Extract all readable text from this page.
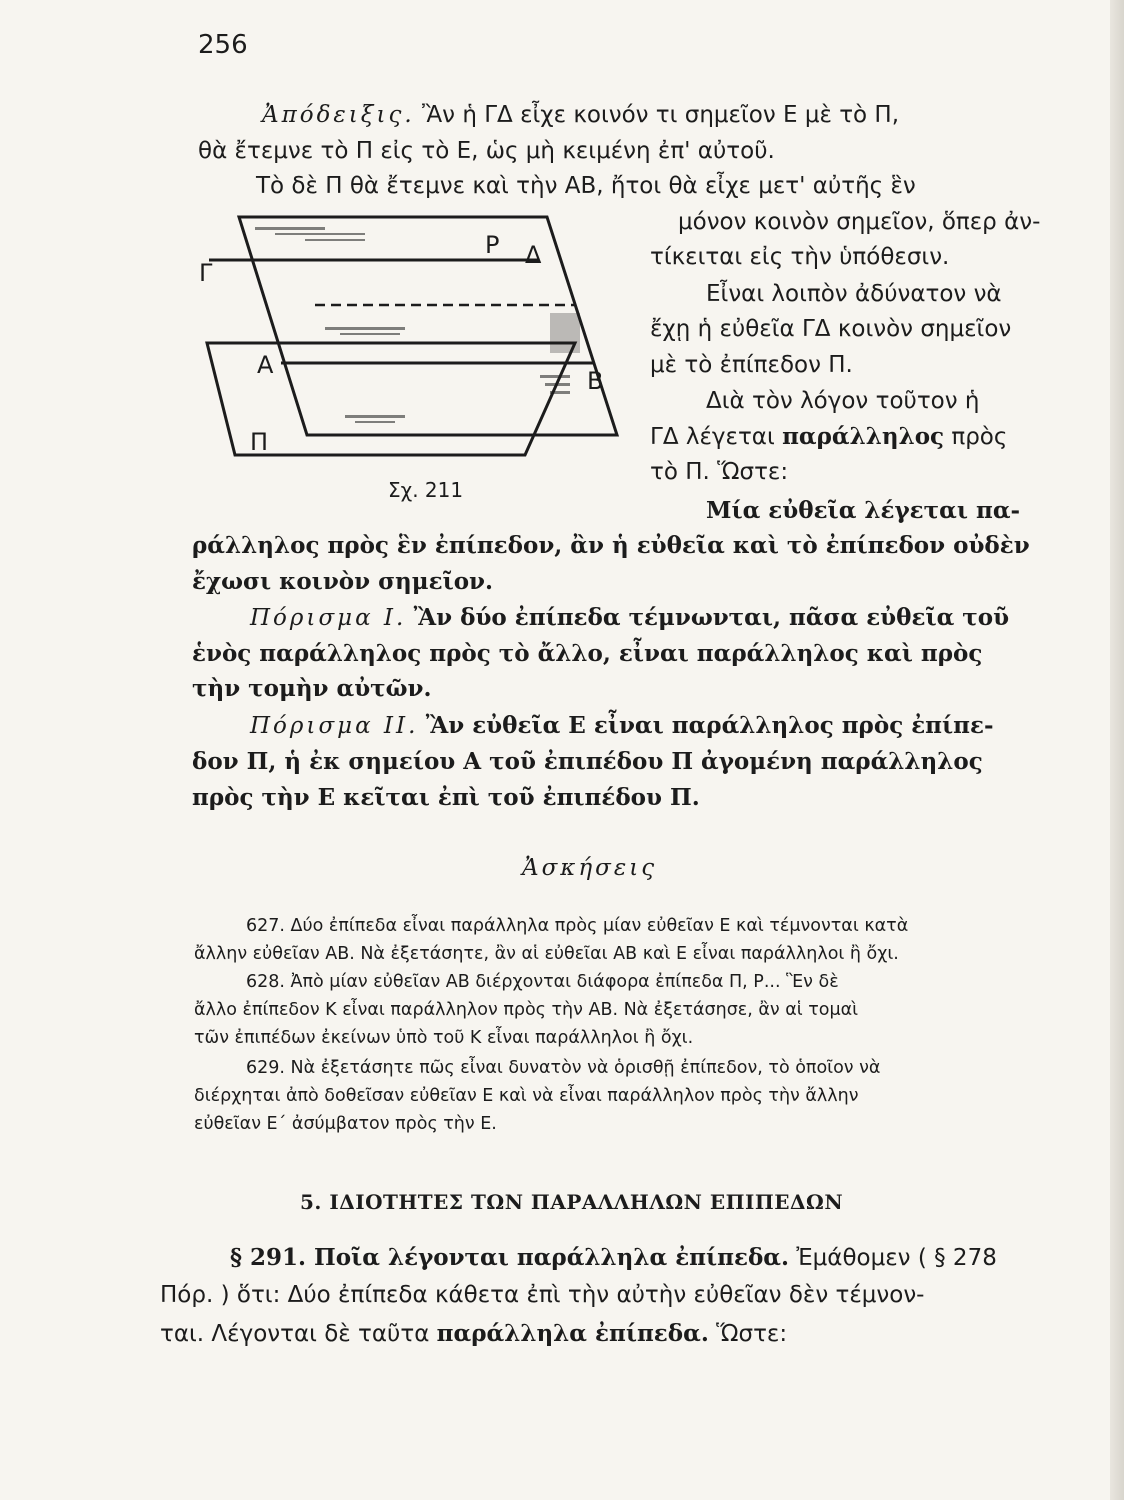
256
Ἀπόδειξις. Ἂν ἡ ΓΔ εἶχε κοινόν τι σημεῖον Ε μὲ τὸ Π,
θὰ ἔτεμνε τὸ Π εἰς τὸ Ε, ὡς μὴ κειμένη ἐπ' αὐτοῦ.
Τὸ δὲ Π θὰ ἔτεμνε καὶ τὴν ΑΒ, ἤτοι θὰ εἶχε μετ' αὐτῆς ἓν
μόνον κοινὸν σημεῖον, ὅπερ ἀν-
τίκειται εἰς τὴν ὑπόθεσιν.
Εἶναι λοιπὸν ἀδύνατον νὰ
ἔχῃ ἡ εὐθεῖα ΓΔ κοινὸν σημεῖον
μὲ τὸ ἐπίπεδον Π.
Διὰ τὸν λόγον τοῦτον ἡ
ΓΔ λέγεται παράλληλος πρὸς
τὸ Π. Ὥστε:
Γ
Ρ Δ
Α
Β
Π
Σχ. 211
Μία εὐθεῖα λέγεται πα-
ράλληλος πρὸς ἓν ἐπίπεδον, ἂν ἡ εὐθεῖα καὶ τὸ ἐπίπεδον οὐδὲν
ἔχωσι κοινὸν σημεῖον.
Πόρισμα Ι. Ἂν δύο ἐπίπεδα τέμνωνται, πᾶσα εὐθεῖα τοῦ
ἑνὸς παράλληλος πρὸς τὸ ἄλλο, εἶναι παράλληλος καὶ πρὸς
τὴν τομὴν αὐτῶν.
Πόρισμα ΙΙ. Ἂν εὐθεῖα Ε εἶναι παράλληλος πρὸς ἐπίπε-
δον Π, ἡ ἐκ σημείου Α τοῦ ἐπιπέδου Π ἀγομένη παράλληλος
πρὸς τὴν Ε κεῖται ἐπὶ τοῦ ἐπιπέδου Π.
Ἀσκήσεις
627. Δύο ἐπίπεδα εἶναι παράλληλα πρὸς μίαν εὐθεῖαν Ε καὶ τέμνονται κατὰ
ἄλλην εὐθεῖαν ΑΒ. Νὰ ἐξετάσητε, ἂν αἱ εὐθεῖαι ΑΒ καὶ Ε εἶναι παράλληλοι ἢ ὄχι.
628. Ἀπὸ μίαν εὐθεῖαν ΑΒ διέρχονται διάφορα ἐπίπεδα Π, Ρ... Ἓν δὲ
ἄλλο ἐπίπεδον Κ εἶναι παράλληλον πρὸς τὴν ΑΒ. Νὰ ἐξετάσησε, ἂν αἱ τομαὶ
τῶν ἐπιπέδων ἐκείνων ὑπὸ τοῦ Κ εἶναι παράλληλοι ἢ ὄχι.
629. Νὰ ἐξετάσητε πῶς εἶναι δυνατὸν νὰ ὁρισθῇ ἐπίπεδον, τὸ ὁποῖον νὰ
διέρχηται ἀπὸ δοθεῖσαν εὐθεῖαν Ε καὶ νὰ εἶναι παράλληλον πρὸς τὴν ἄλλην
εὐθεῖαν Ε΄ ἀσύμβατον πρὸς τὴν Ε.
5. ΙΔΙΟΤΗΤΕΣ ΤΩΝ ΠΑΡΑΛΛΗΛΩΝ ΕΠΙΠΕΔΩΝ
§ 291. Ποῖα λέγονται παράλληλα ἐπίπεδα. Ἐμάθομεν ( § 278
Πόρ. ) ὅτι: Δύο ἐπίπεδα κάθετα ἐπὶ τὴν αὐτὴν εὐθεῖαν δὲν τέμνον-
ται. Λέγονται δὲ ταῦτα παράλληλα ἐπίπεδα. Ὥστε:
